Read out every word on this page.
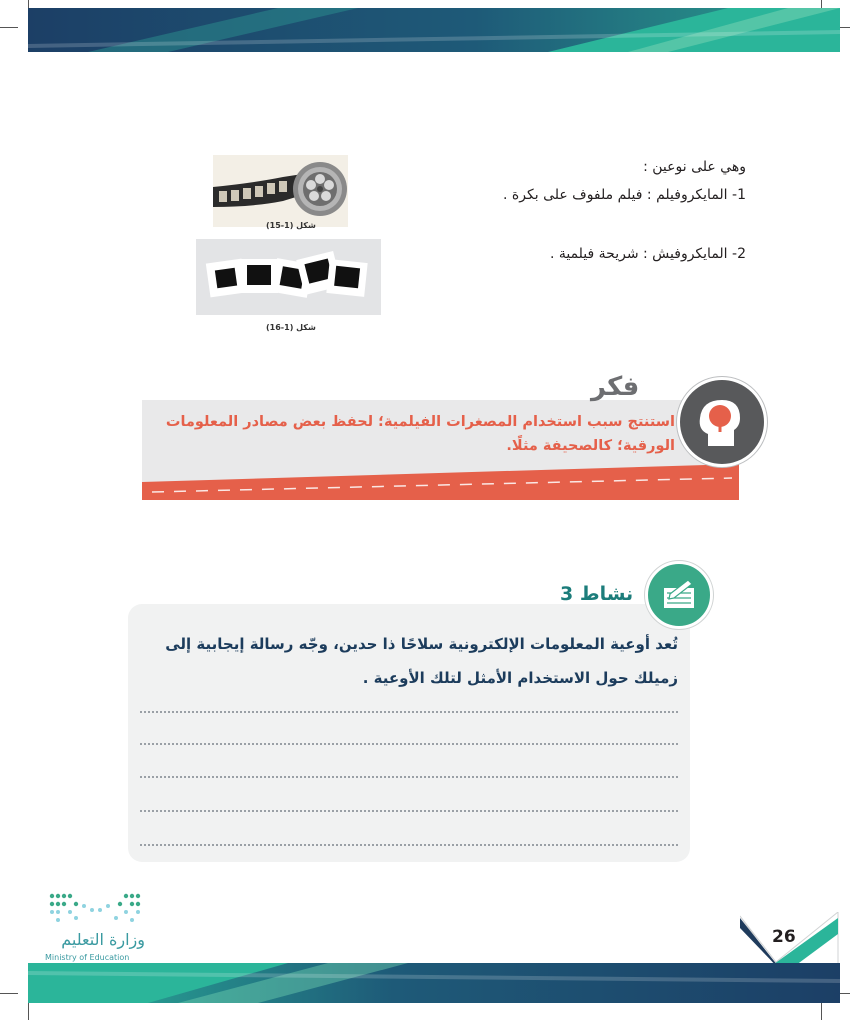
وهي على نوعين :
1- المايكروفيلم : فيلم ملفوف على بكرة .
2- المايكروفيش : شريحة فيلمية .
شكل (1-15)
شكل (1-16)
فكر
استنتج سبب استخدام المصغرات الفيلمية؛ لحفظ بعض مصادر المعلومات الورقية؛ كالصحيفة مثلًا.
نشاط 3
تُعد أوعية المعلومات الإلكترونية سلاحًا ذا حدين، وجّه رسالة إيجابية إلى زميلك حول الاستخدام الأمثل لتلك الأوعية .
وزارة التعليم
Ministry of Education
26
